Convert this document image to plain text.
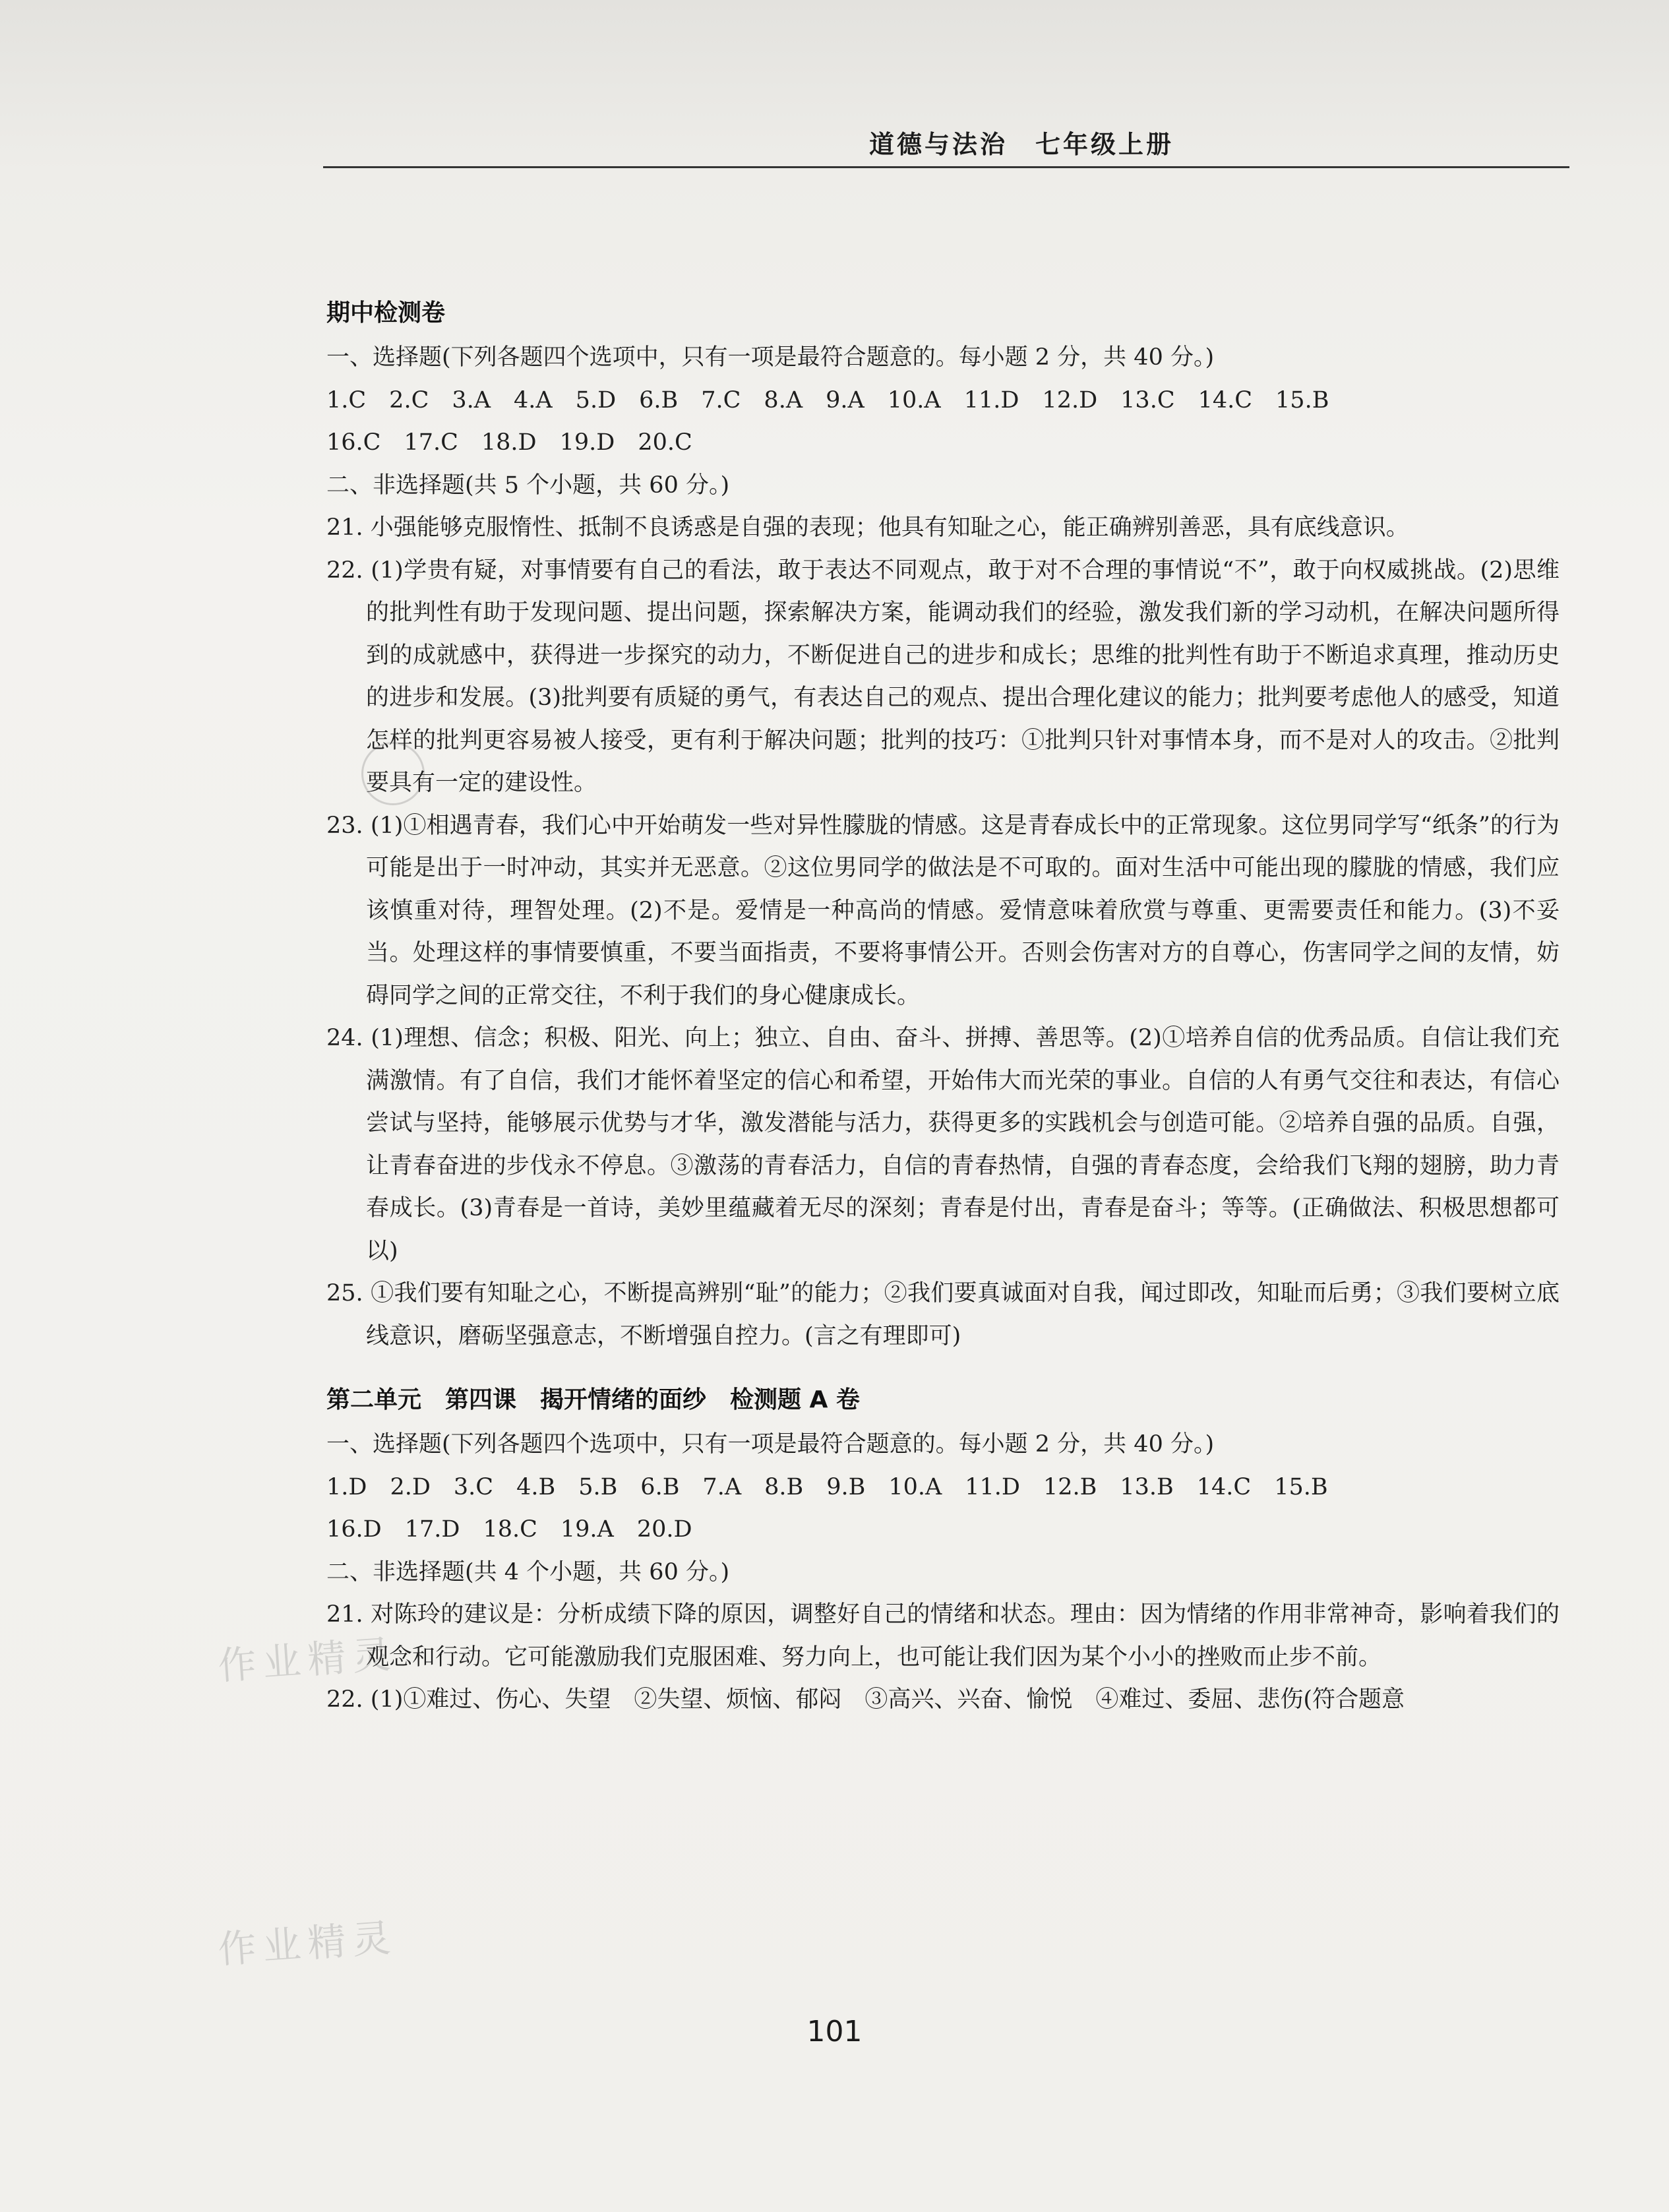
道德与法治　七年级上册
作业精灵
作业精灵

期中检测卷

一、选择题(下列各题四个选项中，只有一项是最符合题意的。每小题 2 分，共 40 分。)

1.C　2.C　3.A　4.A　5.D　6.B　7.C　8.A　9.A　10.A　11.D　12.D　13.C　14.C　15.B

16.C　17.C　18.D　19.D　20.C

二、非选择题(共 5 个小题，共 60 分。)

21. 小强能够克服惰性、抵制不良诱惑是自强的表现；他具有知耻之心，能正确辨别善恶，具有底线意识。

22. (1)学贵有疑，对事情要有自己的看法，敢于表达不同观点，敢于对不合理的事情说“不”，敢于向权威挑战。(2)思维的批判性有助于发现问题、提出问题，探索解决方案，能调动我们的经验，激发我们新的学习动机，在解决问题所得到的成就感中，获得进一步探究的动力，不断促进自己的进步和成长；思维的批判性有助于不断追求真理，推动历史的进步和发展。(3)批判要有质疑的勇气，有表达自己的观点、提出合理化建议的能力；批判要考虑他人的感受，知道怎样的批判更容易被人接受，更有利于解决问题；批判的技巧：①批判只针对事情本身，而不是对人的攻击。②批判要具有一定的建设性。

23. (1)①相遇青春，我们心中开始萌发一些对异性朦胧的情感。这是青春成长中的正常现象。这位男同学写“纸条”的行为可能是出于一时冲动，其实并无恶意。②这位男同学的做法是不可取的。面对生活中可能出现的朦胧的情感，我们应该慎重对待，理智处理。(2)不是。爱情是一种高尚的情感。爱情意味着欣赏与尊重、更需要责任和能力。(3)不妥当。处理这样的事情要慎重，不要当面指责，不要将事情公开。否则会伤害对方的自尊心，伤害同学之间的友情，妨碍同学之间的正常交往，不利于我们的身心健康成长。

24. (1)理想、信念；积极、阳光、向上；独立、自由、奋斗、拼搏、善思等。(2)①培养自信的优秀品质。自信让我们充满激情。有了自信，我们才能怀着坚定的信心和希望，开始伟大而光荣的事业。自信的人有勇气交往和表达，有信心尝试与坚持，能够展示优势与才华，激发潜能与活力，获得更多的实践机会与创造可能。②培养自强的品质。自强，让青春奋进的步伐永不停息。③激荡的青春活力，自信的青春热情，自强的青春态度，会给我们飞翔的翅膀，助力青春成长。(3)青春是一首诗，美妙里蕴藏着无尽的深刻；青春是付出，青春是奋斗；等等。(正确做法、积极思想都可以)

25. ①我们要有知耻之心，不断提高辨别“耻”的能力；②我们要真诚面对自我，闻过即改，知耻而后勇；③我们要树立底线意识，磨砺坚强意志，不断增强自控力。(言之有理即可)

第二单元　第四课　揭开情绪的面纱　检测题 A 卷

一、选择题(下列各题四个选项中，只有一项是最符合题意的。每小题 2 分，共 40 分。)

1.D　2.D　3.C　4.B　5.B　6.B　7.A　8.B　9.B　10.A　11.D　12.B　13.B　14.C　15.B

16.D　17.D　18.C　19.A　20.D

二、非选择题(共 4 个小题，共 60 分。)

21. 对陈玲的建议是：分析成绩下降的原因，调整好自己的情绪和状态。理由：因为情绪的作用非常神奇，影响着我们的观念和行动。它可能激励我们克服困难、努力向上，也可能让我们因为某个小小的挫败而止步不前。

22. (1)①难过、伤心、失望　②失望、烦恼、郁闷　③高兴、兴奋、愉悦　④难过、委屈、悲伤(符合题意

101
